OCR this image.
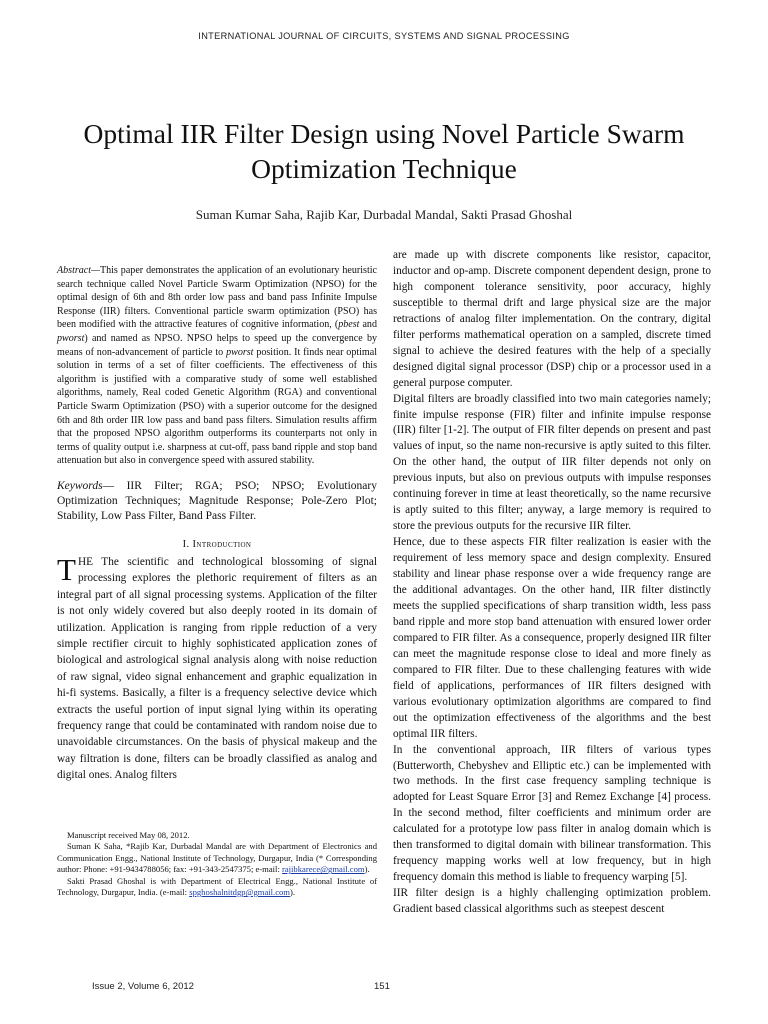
INTERNATIONAL JOURNAL OF CIRCUITS, SYSTEMS AND SIGNAL PROCESSING
Optimal IIR Filter Design using Novel Particle Swarm Optimization Technique
Suman Kumar Saha, Rajib Kar, Durbadal Mandal, Sakti Prasad Ghoshal

Abstract—This paper demonstrates the application of an evolutionary heuristic search technique called Novel Particle Swarm Optimization (NPSO) for the optimal design of 6th and 8th order low pass and band pass Infinite Impulse Response (IIR) filters. Conventional particle swarm optimization (PSO) has been modified with the attractive features of cognitive information, (pbest and pworst) and named as NPSO. NPSO helps to speed up the convergence by means of non-advancement of particle to pworst position. It finds near optimal solution in terms of a set of filter coefficients. The effectiveness of this algorithm is justified with a comparative study of some well established algorithms, namely, Real coded Genetic Algorithm (RGA) and conventional Particle Swarm Optimization (PSO) with a superior outcome for the designed 6th and 8th order IIR low pass and band pass filters. Simulation results affirm that the proposed NPSO algorithm outperforms its counterparts not only in terms of quality output i.e. sharpness at cut-off, pass band ripple and stop band attenuation but also in convergence speed with assured stability.

Keywords— IIR Filter; RGA; PSO; NPSO; Evolutionary Optimization Techniques; Magnitude Response; Pole-Zero Plot; Stability, Low Pass Filter, Band Pass Filter.

I. Introduction
THE The scientific and technological blossoming of signal processing explores the plethoric requirement of filters as an integral part of all signal processing systems. Application of the filter is not only widely covered but also deeply rooted in its domain of utilization. Application is ranging from ripple reduction of a very simple rectifier circuit to highly sophisticated application zones of biological and astrological signal analysis along with noise reduction of raw signal, video signal enhancement and graphic equalization in hi-fi systems. Basically, a filter is a frequency selective device which extracts the useful portion of input signal lying within its operating frequency range that could be contaminated with random noise due to unavoidable circumstances. On the basis of physical makeup and the way filtration is done, filters can be broadly classified as analog and digital ones. Analog filters

Manuscript received May 08, 2012.

Suman K Saha, *Rajib Kar, Durbadal Mandal are with Department of Electronics and Communication Engg., National Institute of Technology, Durgapur, India (* Corresponding author: Phone: +91-9434788056; fax: +91-343-2547375; e-mail: rajibkarece@gmail.com).

Sakti Prasad Ghoshal is with Department of Electrical Engg., National Institute of Technology, Durgapur, India. (e-mail: spghoshalnitdgp@gmail.com).

are made up with discrete components like resistor, capacitor, inductor and op-amp. Discrete component dependent design, prone to high component tolerance sensitivity, poor accuracy, highly susceptible to thermal drift and large physical size are the major retractions of analog filter implementation. On the contrary, digital filter performs mathematical operation on a sampled, discrete timed signal to achieve the desired features with the help of a specially designed digital signal processor (DSP) chip or a processor used in a general purpose computer.

Digital filters are broadly classified into two main categories namely; finite impulse response (FIR) filter and infinite impulse response (IIR) filter [1-2]. The output of FIR filter depends on present and past values of input, so the name non-recursive is aptly suited to this filter. On the other hand, the output of IIR filter depends not only on previous inputs, but also on previous outputs with impulse responses continuing forever in time at least theoretically, so the name recursive is aptly suited to this filter; anyway, a large memory is required to store the previous outputs for the recursive IIR filter.

Hence, due to these aspects FIR filter realization is easier with the requirement of less memory space and design complexity. Ensured stability and linear phase response over a wide frequency range are the additional advantages. On the other hand, IIR filter distinctly meets the supplied specifications of sharp transition width, less pass band ripple and more stop band attenuation with ensured lower order compared to FIR filter. As a consequence, properly designed IIR filter can meet the magnitude response close to ideal and more finely as compared to FIR filter. Due to these challenging features with wide field of applications, performances of IIR filters designed with various evolutionary optimization algorithms are compared to find out the optimization effectiveness of the algorithms and the best optimal IIR filters.

In the conventional approach, IIR filters of various types (Butterworth, Chebyshev and Elliptic etc.) can be implemented with two methods. In the first case frequency sampling technique is adopted for Least Square Error [3] and Remez Exchange [4] process. In the second method, filter coefficients and minimum order are calculated for a prototype low pass filter in analog domain which is then transformed to digital domain with bilinear transformation. This frequency mapping works well at low frequency, but in high frequency domain this method is liable to frequency warping [5].

IIR filter design is a highly challenging optimization problem. Gradient based classical algorithms such as steepest descent

Issue 2, Volume 6, 2012	151
